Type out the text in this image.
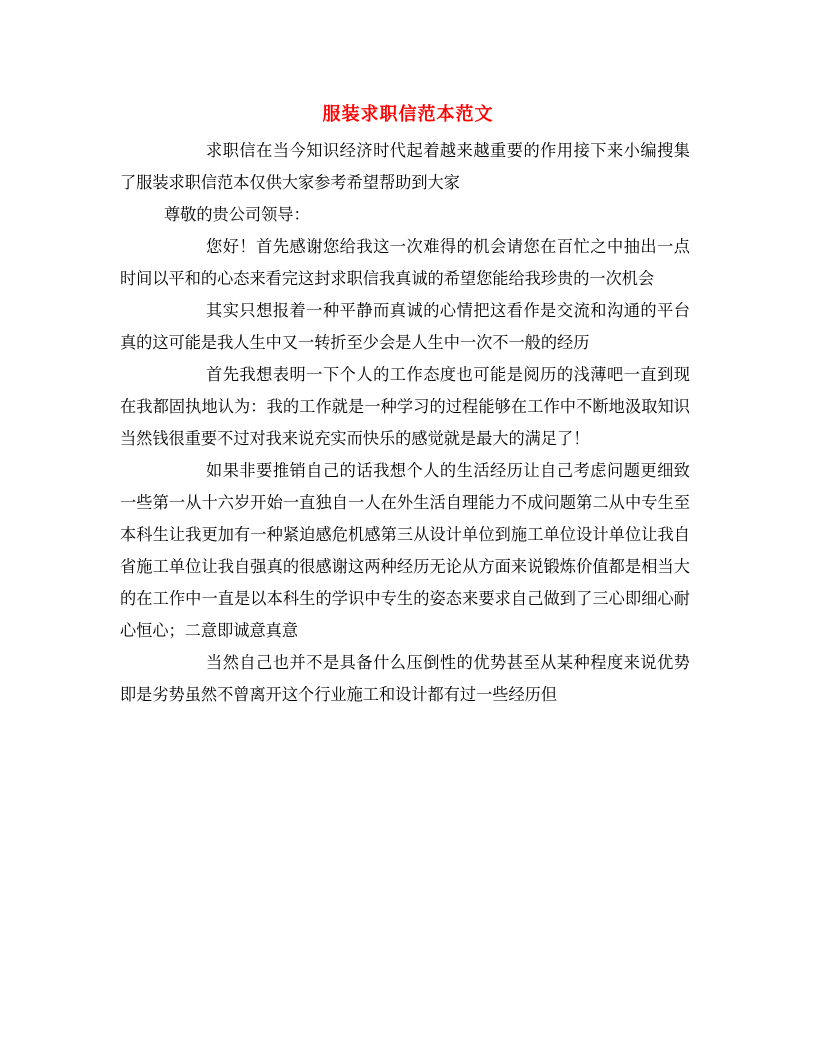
服装求职信范本范文

求职信在当今知识经济时代起着越来越重要的作用接下来小编搜集了服装求职信范本仅供大家参考希望帮助到大家

尊敬的贵公司领导：

您好！首先感谢您给我这一次难得的机会请您在百忙之中抽出一点时间以平和的心态来看完这封求职信我真诚的希望您能给我珍贵的一次机会

其实只想报着一种平静而真诚的心情把这看作是交流和沟通的平台真的这可能是我人生中又一转折至少会是人生中一次不一般的经历

首先我想表明一下个人的工作态度也可能是阅历的浅薄吧一直到现在我都固执地认为：我的工作就是一种学习的过程能够在工作中不断地汲取知识当然钱很重要不过对我来说充实而快乐的感觉就是最大的满足了！

如果非要推销自己的话我想个人的生活经历让自己考虑问题更细致一些第一从十六岁开始一直独自一人在外生活自理能力不成问题第二从中专生至本科生让我更加有一种紧迫感危机感第三从设计单位到施工单位设计单位让我自省施工单位让我自强真的很感谢这两种经历无论从方面来说锻炼价值都是相当大的在工作中一直是以本科生的学识中专生的姿态来要求自己做到了三心即细心耐心恒心；二意即诚意真意

当然自己也并不是具备什么压倒性的优势甚至从某种程度来说优势即是劣势虽然不曾离开这个行业施工和设计都有过一些经历但
